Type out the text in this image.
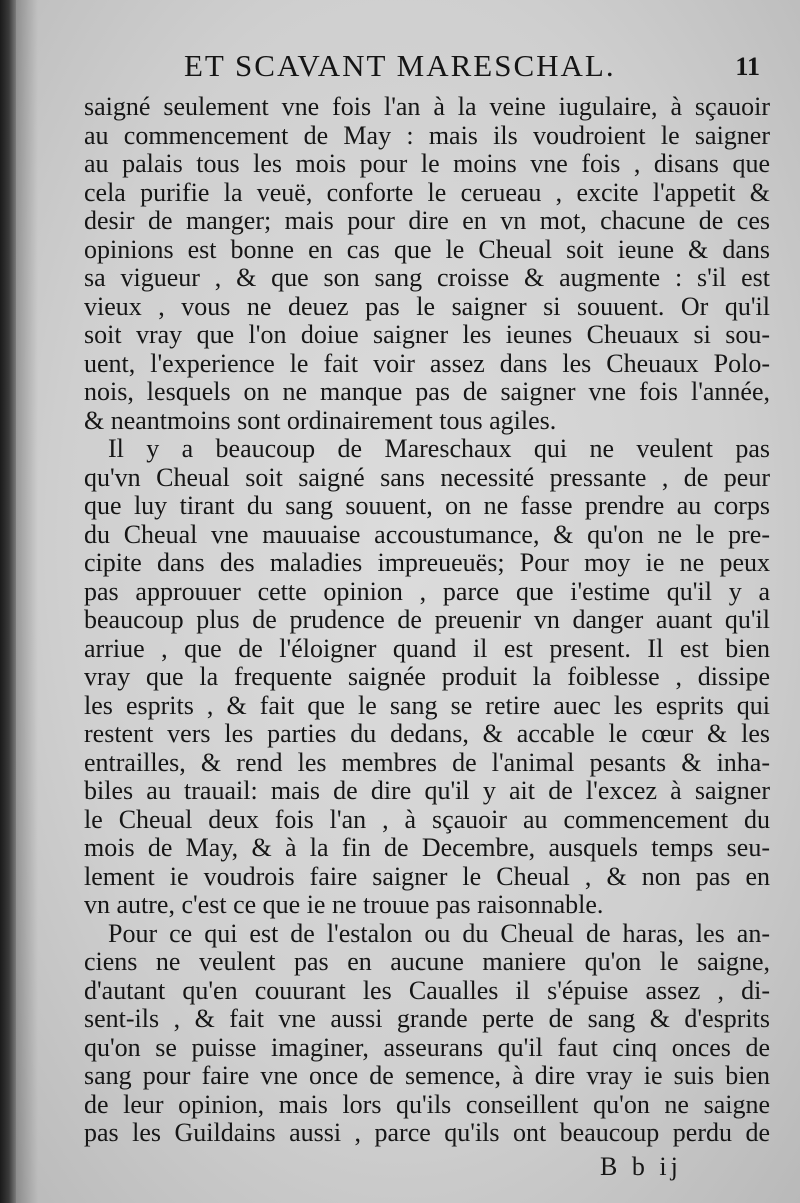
ET SCAVANT MARESCHAL.	11
saigné seulement vne fois l'an à la veine iugulaire, à sçauoir
au commencement de May : mais ils voudroient le saigner
au palais tous les mois pour le moins vne fois , disans que
cela purifie la veuë, conforte le cerueau , excite l'appetit &
desir de manger; mais pour dire en vn mot, chacune de ces
opinions est bonne en cas que le Cheual soit ieune & dans
sa vigueur , & que son sang croisse & augmente : s'il est
vieux , vous ne deuez pas le saigner si souuent. Or qu'il
soit vray que l'on doiue saigner les ieunes Cheuaux si sou-
uent, l'experience le fait voir assez dans les Cheuaux Polo-
nois, lesquels on ne manque pas de saigner vne fois l'année,
& neantmoins sont ordinairement tous agiles.
Il y a beaucoup de Mareschaux qui ne veulent pas
qu'vn Cheual soit saigné sans necessité pressante , de peur
que luy tirant du sang souuent, on ne fasse prendre au corps
du Cheual vne mauuaise accoustumance, & qu'on ne le pre-
cipite dans des maladies impreueuës; Pour moy ie ne peux
pas approuuer cette opinion , parce que i'estime qu'il y a
beaucoup plus de prudence de preuenir vn danger auant qu'il
arriue , que de l'éloigner quand il est present. Il est bien
vray que la frequente saignée produit la foiblesse , dissipe
les esprits , & fait que le sang se retire auec les esprits qui
restent vers les parties du dedans, & accable le cœur & les
entrailles, & rend les membres de l'animal pesants & inha-
biles au trauail: mais de dire qu'il y ait de l'excez à saigner
le Cheual deux fois l'an , à sçauoir au commencement du
mois de May, & à la fin de Decembre, ausquels temps seu-
lement ie voudrois faire saigner le Cheual , & non pas en
vn autre, c'est ce que ie ne trouue pas raisonnable.
Pour ce qui est de l'estalon ou du Cheual de haras, les an-
ciens ne veulent pas en aucune maniere qu'on le saigne,
d'autant qu'en couurant les Caualles il s'épuise assez , di-
sent-ils , & fait vne aussi grande perte de sang & d'esprits
qu'on se puisse imaginer, asseurans qu'il faut cinq onces de
sang pour faire vne once de semence, à dire vray ie suis bien
de leur opinion, mais lors qu'ils conseillent qu'on ne saigne
pas les Guildains aussi , parce qu'ils ont beaucoup perdu de
B b ij
